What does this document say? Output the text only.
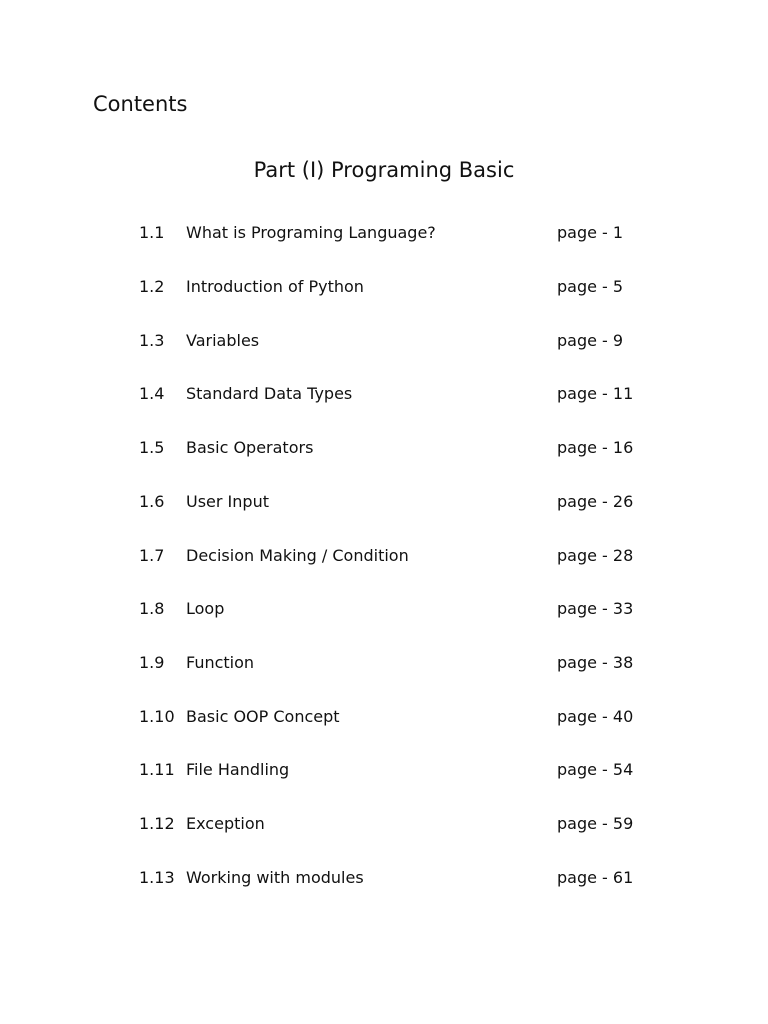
Contents
Part (I) Programing Basic
1.1 What is Programing Language?	page - 1
1.2 Introduction of Python	page - 5
1.3 Variables	page - 9
1.4 Standard Data Types	page - 11
1.5 Basic Operators	page - 16
1.6 User Input	page - 26
1.7 Decision Making / Condition	page - 28
1.8 Loop	page - 33
1.9 Function	page - 38
1.10 Basic OOP Concept	page - 40
1.11 File Handling	page - 54
1.12 Exception	page - 59
1.13 Working with modules	page - 61
